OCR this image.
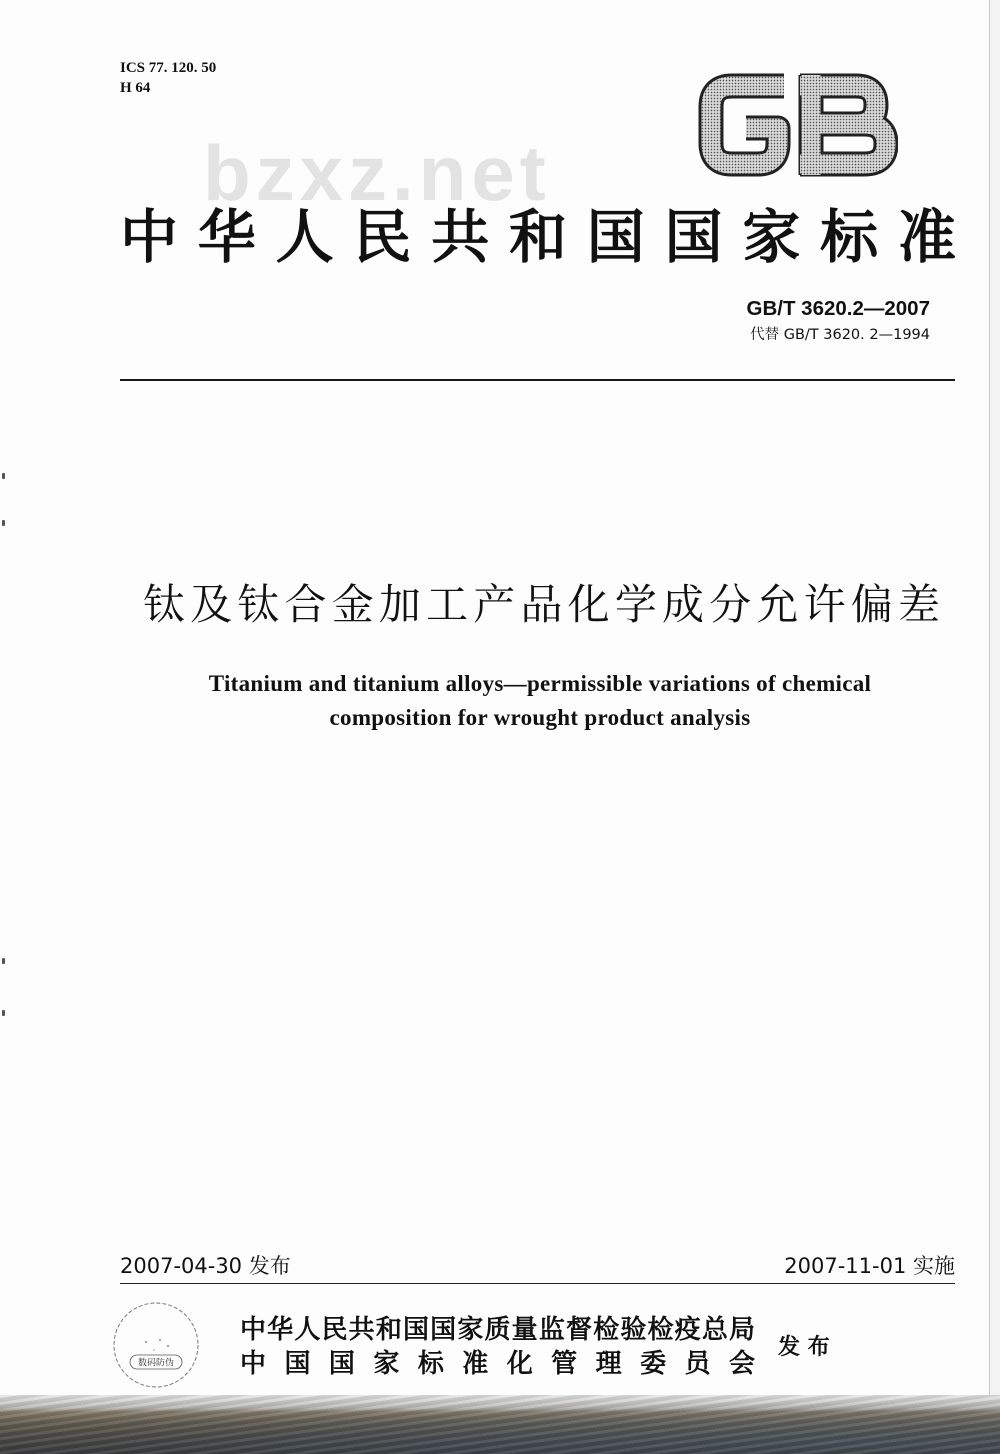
ICS 77. 120. 50
H 64
bzxz.net
中华人民共和国国家标准
GB/T 3620.2—2007
代替 GB/T 3620. 2—1994
钛及钛合金加工产品化学成分允许偏差
Titanium and titanium alloys—permissible variations of chemical
composition for wrought product analysis
2007-04-30 发布	2007-11-01 实施
数码防伪
中华人民共和国国家质量监督检验检疫总局
中 国 国 家 标 准 化 管 理 委 员 会
发 布
